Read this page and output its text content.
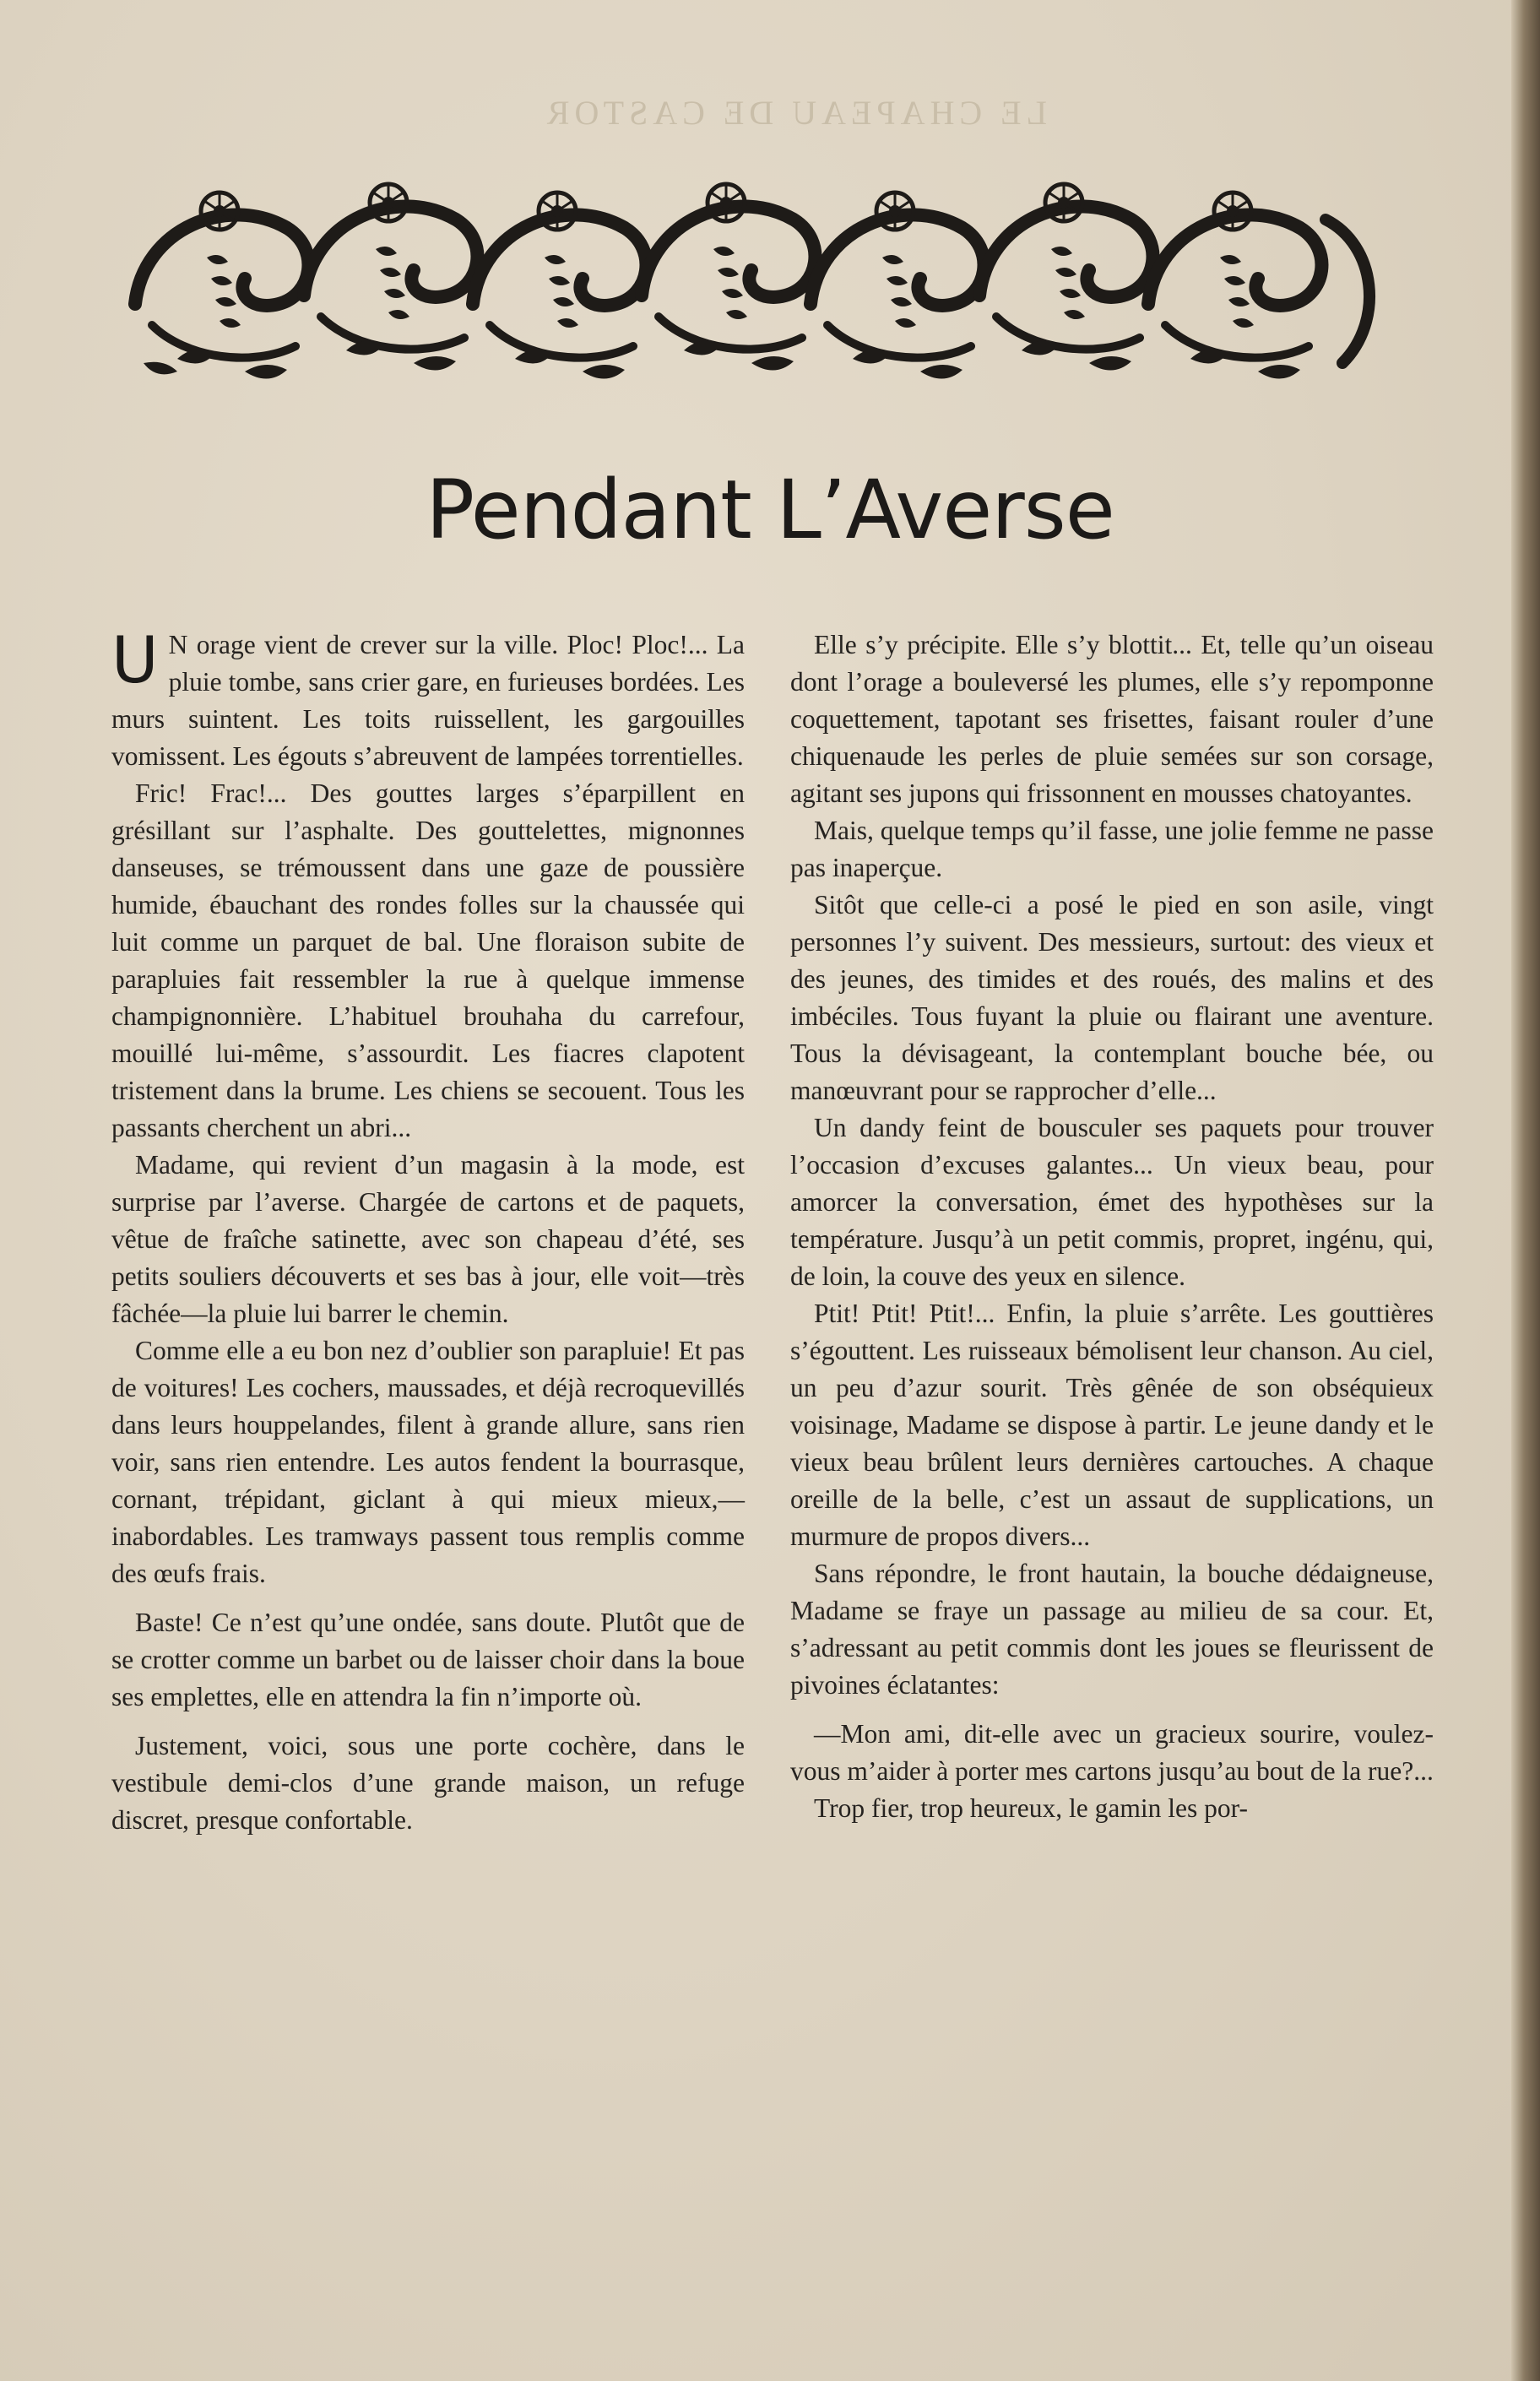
LE CHAPEAU DE CASTOR
Pendant L’Averse

U N orage vient de crever sur la ville. Ploc! Ploc!... La pluie tombe, sans crier gare, en furieuses bordées. Les murs suintent. Les toits ruissellent, les gargouilles vomissent. Les égouts s’abreuvent de lampées torrentielles.

Fric! Frac!... Des gouttes larges s’éparpillent en grésillant sur l’asphalte. Des gouttelettes, mignonnes danseuses, se trémoussent dans une gaze de poussière humide, ébauchant des rondes folles sur la chaussée qui luit comme un parquet de bal. Une floraison subite de parapluies fait ressembler la rue à quelque immense champignonnière. L’habituel brouhaha du carrefour, mouillé lui-même, s’assourdit. Les fiacres clapotent tristement dans la brume. Les chiens se secouent. Tous les passants cherchent un abri...

Madame, qui revient d’un magasin à la mode, est surprise par l’averse. Chargée de cartons et de paquets, vêtue de fraîche satinette, avec son chapeau d’été, ses petits souliers découverts et ses bas à jour, elle voit—très fâchée—la pluie lui barrer le chemin.

Comme elle a eu bon nez d’oublier son parapluie! Et pas de voitures! Les cochers, maussades, et déjà recroquevillés dans leurs houppelandes, filent à grande allure, sans rien voir, sans rien entendre. Les autos fendent la bourrasque, cornant, trépidant, giclant à qui mieux mieux,—inabordables. Les tramways passent tous remplis comme des œufs frais.

Baste! Ce n’est qu’une ondée, sans doute. Plutôt que de se crotter comme un barbet ou de laisser choir dans la boue ses emplettes, elle en attendra la fin n’importe où.

Justement, voici, sous une porte cochère, dans le vestibule demi-clos d’une grande maison, un refuge discret, presque confortable.

Elle s’y précipite. Elle s’y blottit... Et, telle qu’un oiseau dont l’orage a bouleversé les plumes, elle s’y repomponne coquettement, tapotant ses frisettes, faisant rouler d’une chiquenaude les perles de pluie semées sur son corsage, agitant ses jupons qui frissonnent en mousses chatoyantes.

Mais, quelque temps qu’il fasse, une jolie femme ne passe pas inaperçue.

Sitôt que celle-ci a posé le pied en son asile, vingt personnes l’y suivent. Des messieurs, surtout: des vieux et des jeunes, des timides et des roués, des malins et des imbéciles. Tous fuyant la pluie ou flairant une aventure. Tous la dévisageant, la contemplant bouche bée, ou manœuvrant pour se rapprocher d’elle...

Un dandy feint de bousculer ses paquets pour trouver l’occasion d’excuses galantes... Un vieux beau, pour amorcer la conversation, émet des hypothèses sur la température. Jusqu’à un petit commis, propret, ingénu, qui, de loin, la couve des yeux en silence.

Ptit! Ptit! Ptit!... Enfin, la pluie s’arrête. Les gouttières s’égouttent. Les ruisseaux bémolisent leur chanson. Au ciel, un peu d’azur sourit. Très gênée de son obséquieux voisinage, Madame se dispose à partir. Le jeune dandy et le vieux beau brûlent leurs dernières cartouches. A chaque oreille de la belle, c’est un assaut de supplications, un murmure de propos divers...

Sans répondre, le front hautain, la bouche dédaigneuse, Madame se fraye un passage au milieu de sa cour. Et, s’adressant au petit commis dont les joues se fleurissent de pivoines éclatantes:

—Mon ami, dit-elle avec un gracieux sourire, voulez-vous m’aider à porter mes cartons jusqu’au bout de la rue?...

Trop fier, trop heureux, le gamin les por-
